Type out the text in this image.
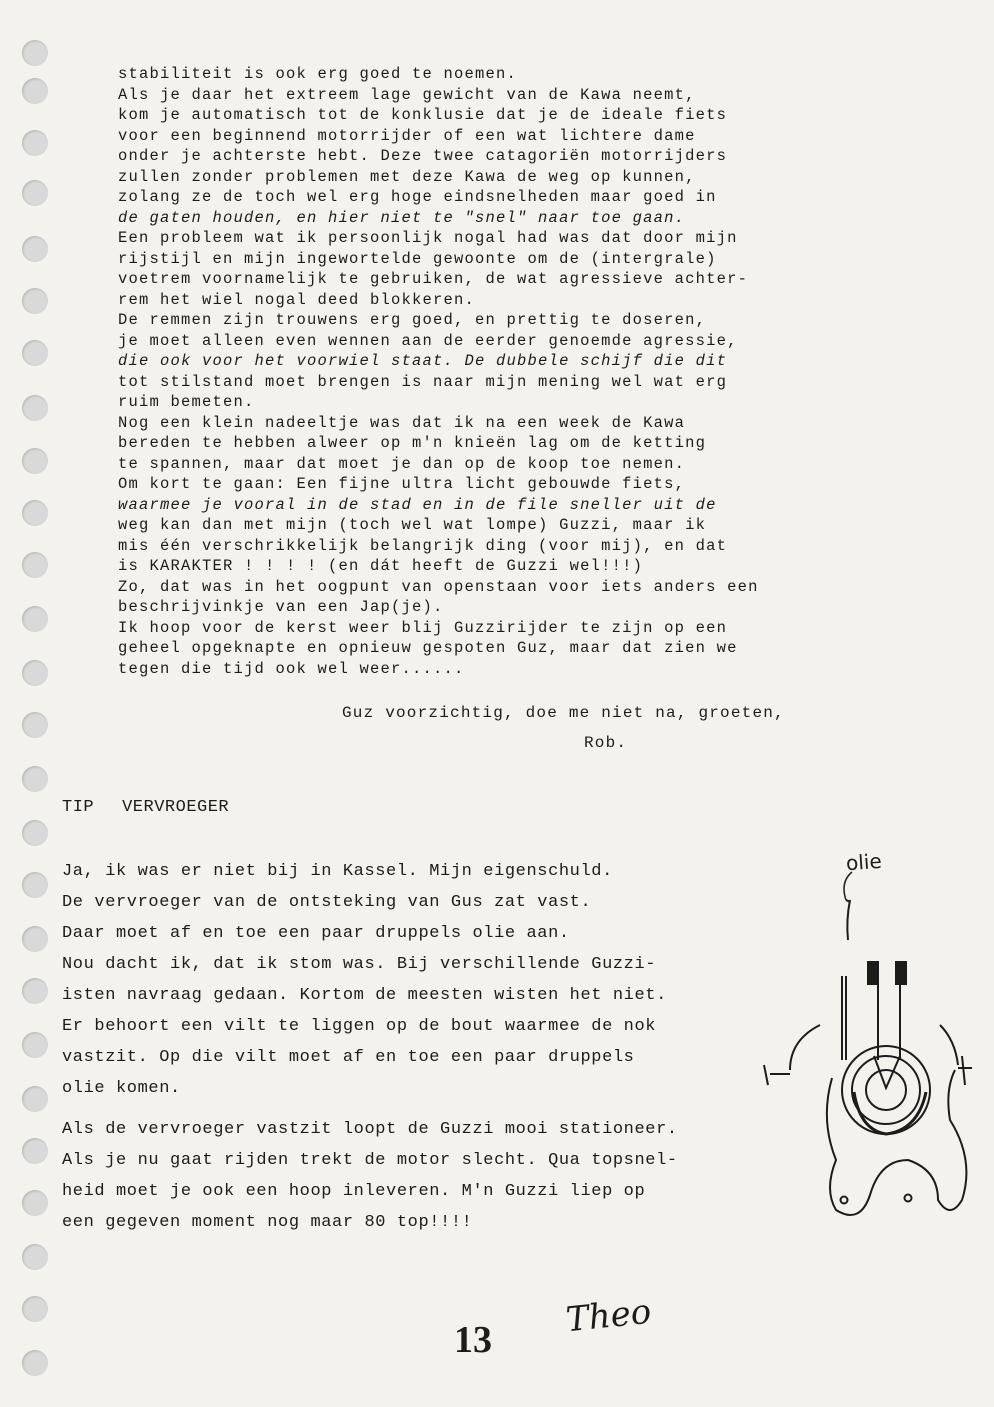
stabiliteit is ook erg goed te noemen.

Als je daar het extreem lage gewicht van de Kawa neemt,

kom je automatisch tot de konklusie dat je de ideale fiets

voor een beginnend motorrijder of een wat lichtere dame

onder je achterste hebt. Deze twee catagoriën motorrijders

zullen zonder problemen met deze Kawa de weg op kunnen,

zolang ze de toch wel erg hoge eindsnelheden maar goed in

de gaten houden, en hier niet te "snel" naar toe gaan.

Een probleem wat ik persoonlijk nogal had was dat door mijn

rijstijl en mijn ingewortelde gewoonte om de (intergrale)

voetrem voornamelijk te gebruiken, de wat agressieve achter-

rem het wiel nogal deed blokkeren.

De remmen zijn trouwens erg goed, en prettig te doseren,

je moet alleen even wennen aan de eerder genoemde agressie,

die ook voor het voorwiel staat. De dubbele schijf die dit

tot stilstand moet brengen is naar mijn mening wel wat erg

ruim bemeten.

Nog een klein nadeeltje was dat ik na een week de Kawa

bereden te hebben alweer op m'n knieën lag om de ketting

te spannen, maar dat moet je dan op de koop toe nemen.

Om kort te gaan: Een fijne ultra licht gebouwde fiets,

waarmee je vooral in de stad en in de file sneller uit de

weg kan dan met mijn (toch wel wat lompe) Guzzi, maar ik

mis één verschrikkelijk belangrijk ding (voor mij), en dat

is KARAKTER ! ! ! ! (en dát heeft de Guzzi wel!!!)

Zo, dat was in het oogpunt van openstaan voor iets anders een

beschrijvinkje van een Jap(je).

Ik hoop voor de kerst weer blij Guzzirijder te zijn op een

geheel opgeknapte en opnieuw gespoten Guz, maar dat zien we

tegen die tijd ook wel weer......

Guz voorzichtig, doe me niet na, groeten,
Rob.
TIP VERVROEGER

Ja, ik was er niet bij in Kassel. Mijn eigenschuld.

De vervroeger van de ontsteking van Gus zat vast.

Daar moet af en toe een paar druppels olie aan.

Nou dacht ik, dat ik stom was. Bij verschillende Guzzi-

isten navraag gedaan. Kortom de meesten wisten het niet.

Er behoort een vilt te liggen op de bout waarmee de nok

vastzit. Op die vilt moet af en toe een paar druppels

olie komen.

Als de vervroeger vastzit loopt de Guzzi mooi stationeer.

Als je nu gaat rijden trekt de motor slecht. Qua topsnel-

heid moet je ook een hoop inleveren. M'n Guzzi liep op

een gegeven moment nog maar 80 top!!!!

olie
13 Theo
